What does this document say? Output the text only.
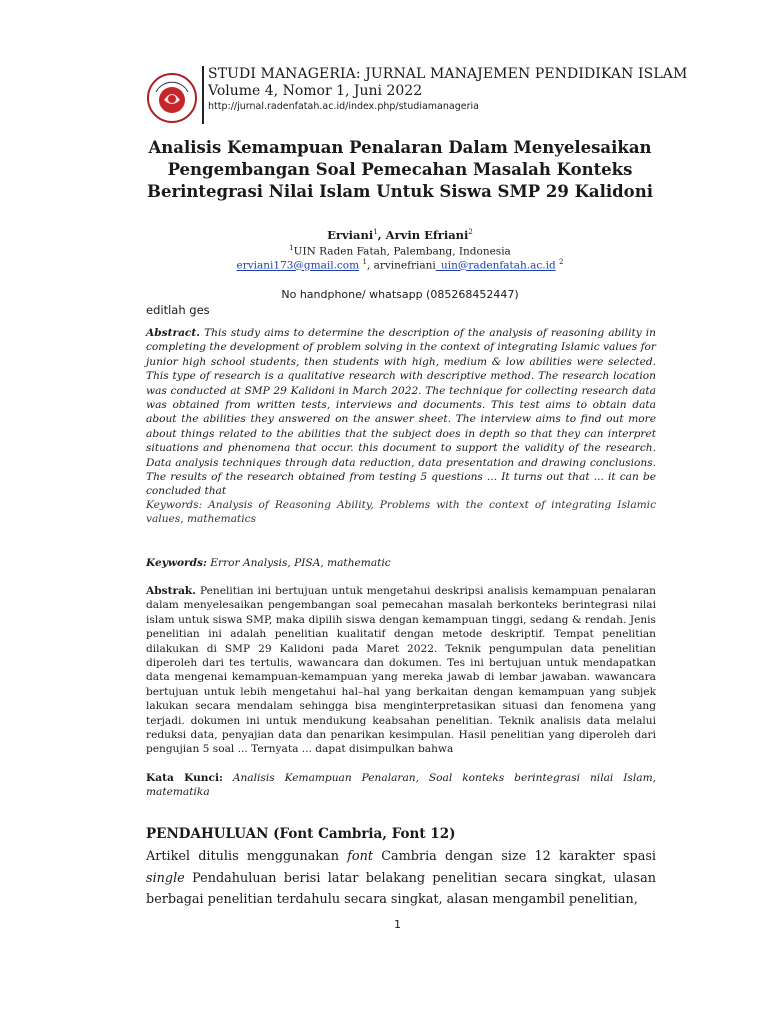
STUDI MANAGERIA: JURNAL MANAJEMEN PENDIDIKAN ISLAM
Volume 4, Nomor 1, Juni 2022
http://jurnal.radenfatah.ac.id/index.php/studiamanageria
Analisis Kemampuan Penalaran Dalam Menyelesaikan
Pengembangan Soal Pemecahan Masalah Konteks
Berintegrasi Nilai Islam Untuk Siswa SMP 29 Kalidoni
Erviani$^1$, Arvin Efriani$^2$
$^1$UIN Raden Fatah, Palembang, Indonesia
erviani173@gmail.com $^1$, arvinefriani_uin@radenfatah.ac.id $^2$
No handphone/ whatsapp (085268452447)
editlah ges
Abstract. This study aims to determine the description of the analysis of reasoning ability in completing the development of problem solving in the context of integrating Islamic values for junior high school students, then students with high, medium & low abilities were selected. This type of research is a qualitative research with descriptive method. The research location was conducted at SMP 29 Kalidoni in March 2022. The technique for collecting research data was obtained from written tests, interviews and documents. This test aims to obtain data about the abilities they answered on the answer sheet. The interview aims to find out more about things related to the abilities that the subject does in depth so that they can interpret situations and phenomena that occur. this document to support the validity of the research. Data analysis techniques through data reduction, data presentation and drawing conclusions. The results of the research obtained from testing 5 questions ... It turns out that ... it can be concluded that
Keywords: Analysis of Reasoning Ability, Problems with the context of integrating Islamic values, mathematics
Keywords: Error Analysis, PISA, mathematic
Abstrak. Penelitian ini bertujuan untuk mengetahui deskripsi analisis kemampuan penalaran dalam menyelesaikan pengembangan soal pemecahan masalah berkonteks berintegrasi nilai islam untuk siswa SMP, maka dipilih siswa dengan kemampuan tinggi, sedang & rendah. Jenis penelitian ini adalah penelitian kualitatif dengan metode deskriptif. Tempat penelitian dilakukan di SMP 29 Kalidoni pada Maret 2022. Teknik pengumpulan data penelitian diperoleh dari tes tertulis, wawancara dan dokumen. Tes ini bertujuan untuk mendapatkan data mengenai kemampuan-kemampuan yang mereka jawab di lembar jawaban. wawancara bertujuan untuk lebih mengetahui hal–hal yang berkaitan dengan kemampuan yang subjek lakukan secara mendalam sehingga bisa menginterpretasikan situasi dan fenomena yang terjadi. dokumen ini untuk mendukung keabsahan penelitian. Teknik analisis data melalui reduksi data, penyajian data dan penarikan kesimpulan. Hasil penelitian yang diperoleh dari pengujian 5 soal ... Ternyata ... dapat disimpulkan bahwa
Kata Kunci: Analisis Kemampuan Penalaran, Soal konteks berintegrasi nilai Islam, matematika
PENDAHULUAN (Font Cambria, Font 12)
Artikel ditulis menggunakan font Cambria dengan size 12 karakter spasi single Pendahuluan berisi latar belakang penelitian secara singkat, ulasan berbagai penelitian terdahulu secara singkat, alasan mengambil penelitian,
1
